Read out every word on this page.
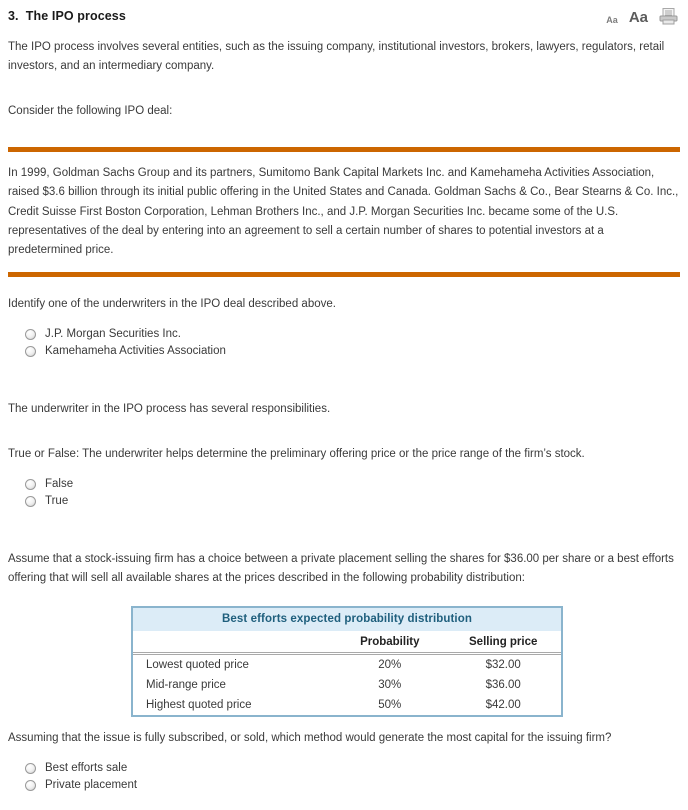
3.  The IPO process	Aa Aa
The IPO process involves several entities, such as the issuing company, institutional investors, brokers, lawyers, regulators, retail investors, and an intermediary company.
Consider the following IPO deal:
In 1999, Goldman Sachs Group and its partners, Sumitomo Bank Capital Markets Inc. and Kamehameha Activities Association, raised $3.6 billion through its initial public offering in the United States and Canada. Goldman Sachs & Co., Bear Stearns & Co. Inc., Credit Suisse First Boston Corporation, Lehman Brothers Inc., and J.P. Morgan Securities Inc. became some of the U.S. representatives of the deal by entering into an agreement to sell a certain number of shares to potential investors at a predetermined price.
Identify one of the underwriters in the IPO deal described above.
J.P. Morgan Securities Inc.
Kamehameha Activities Association
The underwriter in the IPO process has several responsibilities.
True or False: The underwriter helps determine the preliminary offering price or the price range of the firm’s stock.
False
True
Assume that a stock-issuing firm has a choice between a private placement selling the shares for $36.00 per share or a best efforts offering that will sell all available shares at the prices described in the following probability distribution:
Best efforts expected probability distribution
	Probability	Selling price
Lowest quoted price	20%	$32.00
Mid-range price	30%	$36.00
Highest quoted price	50%	$42.00
Assuming that the issue is fully subscribed, or sold, which method would generate the most capital for the issuing firm?
Best efforts sale
Private placement
